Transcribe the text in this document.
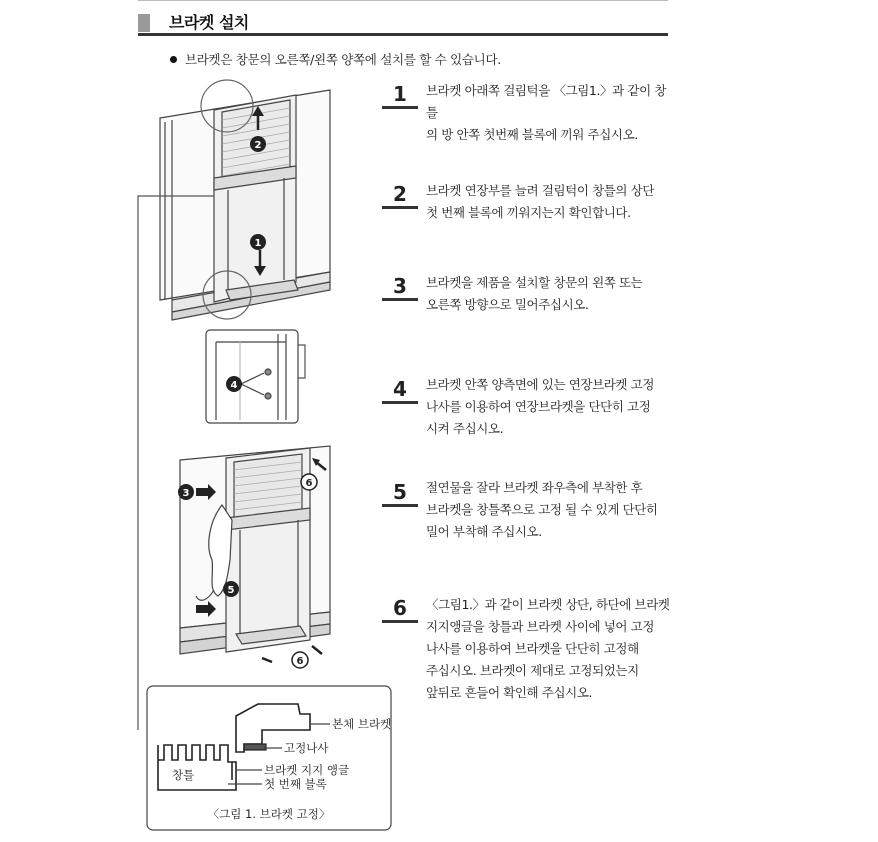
브라켓 설치
브라켓은 창문의 오른쪽/왼쪽 양쪽에 설치를 할 수 있습니다.
1	브라켓 아래쪽 걸림턱을 〈그림1.〉과 같이 창틀
의 방 안쪽 첫번째 블록에 끼워 주십시오.
2	브라켓 연장부를 늘려 걸림턱이 창틀의 상단
첫 번째 블록에 끼워지는지 확인합니다.
3	브라켓을 제품을 설치할 창문의 왼쪽 또는
오른쪽 방향으로 밀어주십시오.
4	브라켓 안쪽 양측면에 있는 연장브라켓 고정
나사를 이용하여 연장브라켓을 단단히 고정
시켜 주십시오.
5	절연물을 잘라 브라켓 좌우측에 부착한 후
브라켓을 창틀쪽으로 고정 될 수 있게 단단히
밀어 부착해 주십시오.
6	〈그림1.〉과 같이 브라켓 상단, 하단에 브라켓
지지앵글을 창틀과 브라켓 사이에 넣어 고정
나사를 이용하여 브라켓을 단단히 고정해
주십시오. 브라켓이 제대로 고정되었는지
앞뒤로 흔들어 확인해 주십시오.
2
1
4
3
6
5
6
본체 브라켓
고정나사
브라켓 지지 앵글
첫 번째 블록
창틀
〈그림 1. 브라켓 고정〉
